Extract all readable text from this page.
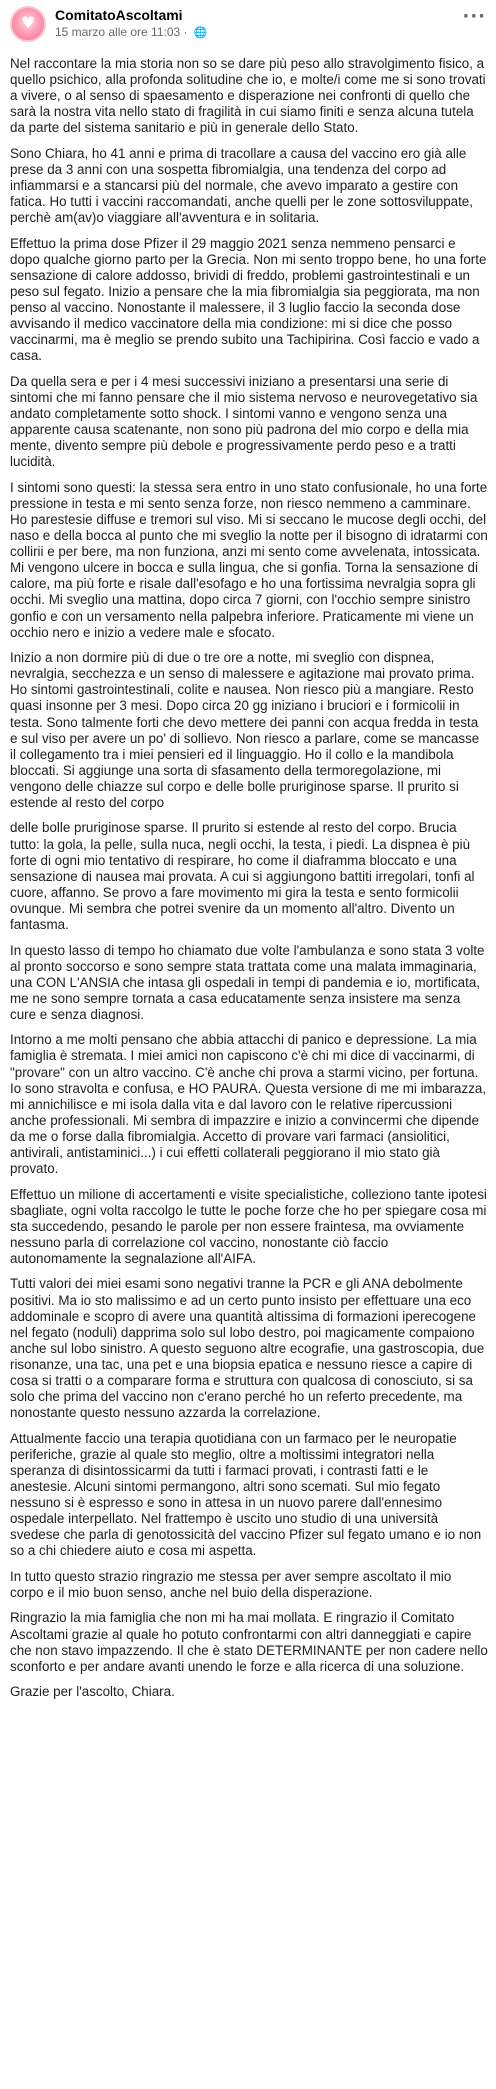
♥
ComitatoAscoltami
15 marzo alle ore 11:03 · 🌐
···

Nel raccontare la mia storia non so se dare più peso allo stravolgimento fisico, a quello psichico, alla profonda solitudine che io, e molte/i come me si sono trovati a vivere, o al senso di spaesamento e disperazione nei confronti di quello che sarà la nostra vita nello stato di fragilità in cui siamo finiti e senza alcuna tutela da parte del sistema sanitario e più in generale dello Stato.

Sono Chiara, ho 41 anni e prima di tracollare a causa del vaccino ero già alle prese da 3 anni con una sospetta fibromialgia, una tendenza del corpo ad infiammarsi e a stancarsi più del normale, che avevo imparato a gestire con fatica. Ho tutti i vaccini raccomandati, anche quelli per le zone sottosviluppate, perchè am(av)o viaggiare all'avventura e in solitaria.

Effettuo la prima dose Pfizer il 29 maggio 2021 senza nemmeno pensarci e dopo qualche giorno parto per la Grecia. Non mi sento troppo bene, ho una forte sensazione di calore addosso, brividi di freddo, problemi gastrointestinali e un peso sul fegato. Inizio a pensare che la mia fibromialgia sia peggiorata, ma non penso al vaccino. Nonostante il malessere, il 3 luglio faccio la seconda dose avvisando il medico vaccinatore della mia condizione: mi si dice che posso vaccinarmi, ma è meglio se prendo subito una Tachipirina. Così faccio e vado a casa.

Da quella sera e per i 4 mesi successivi iniziano a presentarsi una serie di sintomi che mi fanno pensare che il mio sistema nervoso e neurovegetativo sia andato completamente sotto shock. I sintomi vanno e vengono senza una apparente causa scatenante, non sono più padrona del mio corpo e della mia mente, divento sempre più debole e progressivamente perdo peso e a tratti lucidità.

I sintomi sono questi: la stessa sera entro in uno stato confusionale, ho una forte pressione in testa e mi sento senza forze, non riesco nemmeno a camminare. Ho parestesie diffuse e tremori sul viso. Mi si seccano le mucose degli occhi, del naso e della bocca al punto che mi sveglio la notte per il bisogno di idratarmi con collirii e per bere, ma non funziona, anzi mi sento come avvelenata, intossicata. Mi vengono ulcere in bocca e sulla lingua, che si gonfia. Torna la sensazione di calore, ma più forte e risale dall'esofago e ho una fortissima nevralgia sopra gli occhi. Mi sveglio una mattina, dopo circa 7 giorni, con l'occhio sempre sinistro gonfio e con un versamento nella palpebra inferiore. Praticamente mi viene un occhio nero e inizio a vedere male e sfocato.

Inizio a non dormire più di due o tre ore a notte, mi sveglio con dispnea, nevralgia, secchezza e un senso di malessere e agitazione mai provato prima. Ho sintomi gastrointestinali, colite e nausea. Non riesco più a mangiare. Resto quasi insonne per 3 mesi. Dopo circa 20 gg iniziano i bruciori e i formicolii in testa. Sono talmente forti che devo mettere dei panni con acqua fredda in testa e sul viso per avere un po' di sollievo. Non riesco a parlare, come se mancasse il collegamento tra i miei pensieri ed il linguaggio. Ho il collo e la mandibola bloccati. Si aggiunge una sorta di sfasamento della termoregolazione, mi vengono delle chiazze sul corpo e delle bolle pruriginose sparse. Il prurito si estende al resto del corpo

delle bolle pruriginose sparse. Il prurito si estende al resto del corpo. Brucia tutto: la gola, la pelle, sulla nuca, negli occhi, la testa, i piedi. La dispnea è più forte di ogni mio tentativo di respirare, ho come il diaframma bloccato e una sensazione di nausea mai provata. A cui si aggiungono battiti irregolari, tonfi al cuore, affanno. Se provo a fare movimento mi gira la testa e sento formicolii ovunque. Mi sembra che potrei svenire da un momento all'altro. Divento un fantasma.

In questo lasso di tempo ho chiamato due volte l'ambulanza e sono stata 3 volte al pronto soccorso e sono sempre stata trattata come una malata immaginaria, una CON L'ANSIA che intasa gli ospedali in tempi di pandemia e io, mortificata, me ne sono sempre tornata a casa educatamente senza insistere ma senza cure e senza diagnosi.

Intorno a me molti pensano che abbia attacchi di panico e depressione. La mia famiglia è stremata. I miei amici non capiscono c'è chi mi dice di vaccinarmi, di "provare" con un altro vaccino. C'è anche chi prova a starmi vicino, per fortuna. Io sono stravolta e confusa, e HO PAURA. Questa versione di me mi imbarazza, mi annichilisce e mi isola dalla vita e dal lavoro con le relative ripercussioni anche professionali. Mi sembra di impazzire e inizio a convincermi che dipende da me o forse dalla fibromialgia. Accetto di provare vari farmaci (ansiolitici, antivirali, antistaminici...) i cui effetti collaterali peggiorano il mio stato già provato.

Effettuo un milione di accertamenti e visite specialistiche, colleziono tante ipotesi sbagliate, ogni volta raccolgo le tutte le poche forze che ho per spiegare cosa mi sta succedendo, pesando le parole per non essere fraintesa, ma ovviamente nessuno parla di correlazione col vaccino, nonostante ciò faccio autonomamente la segnalazione all'AIFA.

Tutti valori dei miei esami sono negativi tranne la PCR e gli ANA debolmente positivi. Ma io sto malissimo e ad un certo punto insisto per effettuare una eco addominale e scopro di avere una quantità altissima di formazioni iperecogene nel fegato (noduli) dapprima solo sul lobo destro, poi magicamente compaiono anche sul lobo sinistro. A questo seguono altre ecografie, una gastroscopia, due risonanze, una tac, una pet e una biopsia epatica e nessuno riesce a capire di cosa si tratti o a comparare forma e struttura con qualcosa di conosciuto, si sa solo che prima del vaccino non c'erano perché ho un referto precedente, ma nonostante questo nessuno azzarda la correlazione.

Attualmente faccio una terapia quotidiana con un farmaco per le neuropatie periferiche, grazie al quale sto meglio, oltre a moltissimi integratori nella speranza di disintossicarmi da tutti i farmaci provati, i contrasti fatti e le anestesie. Alcuni sintomi permangono, altri sono scemati. Sul mio fegato nessuno si è espresso e sono in attesa in un nuovo parere dall'ennesimo ospedale interpellato. Nel frattempo è uscito uno studio di una università svedese che parla di genotossicità del vaccino Pfizer sul fegato umano e io non so a chi chiedere aiuto e cosa mi aspetta.

In tutto questo strazio ringrazio me stessa per aver sempre ascoltato il mio corpo e il mio buon senso, anche nel buio della disperazione.

Ringrazio la mia famiglia che non mi ha mai mollata. E ringrazio il Comitato Ascoltami grazie al quale ho potuto confrontarmi con altri danneggiati e capire che non stavo impazzendo. Il che è stato DETERMINANTE per non cadere nello sconforto e per andare avanti unendo le forze e alla ricerca di una soluzione.

Grazie per l'ascolto, Chiara.
